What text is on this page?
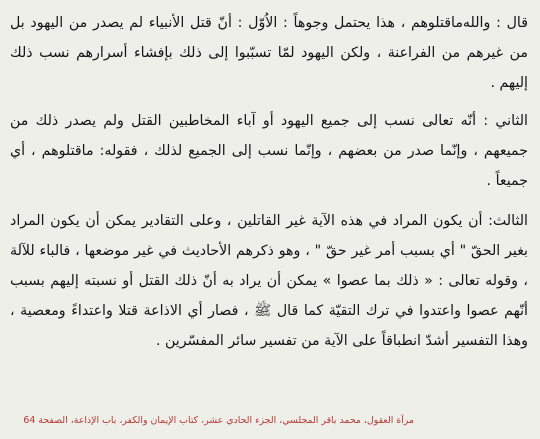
قال : والله‌ماقتلوهم ، هذا يحتمل وجوهاً : الاُوّل : أنّ قتل الأنبياء لم يصدر من اليهود بل من غيرهم من الفراعنة ، ولكن اليهود لمّا تسبّبوا إلى ذلك بإفشاء أسرارهم نسب ذلك إليهم .

الثاني : أنّه تعالى نسب إلى جميع اليهود أو آباء المخاطبين القتل ولم يصدر ذلك من جميعهم ، وإنّما صدر من بعضهم ، وإنّما نسب إلى الجميع لذلك ، فقوله: ماقتلوهم ، أي جميعاً .

الثالث: أن يكون المراد في هذه الآية غير القاتلين ، وعلى التقادير يمكن أن يكون المراد بغير الحقّ " أي بسبب أمر غير حقّ " ، وهو ذكرهم الأحاديث في غير موضعها ، فالباء للآلة ، وقوله تعالى : « ذلك بما عصوا » يمكن أن يراد به أنّ ذلك القتل أو نسبته إليهم بسبب أنّهم عصوا واعتدوا في ترك التقيّة كما قال ﷺ ، فصار أي الاذاعة قتلا واعتداءً ومعصية ، وهذا التفسير أشدّ انطباقاً على الآية من تفسير سائر المفسّرين .

مرآة العقول، محمد باقر المجلسي، الجزء الحادي عشر، كتاب الإيمان والكفر، باب الإذاعة، الصفحة 64
